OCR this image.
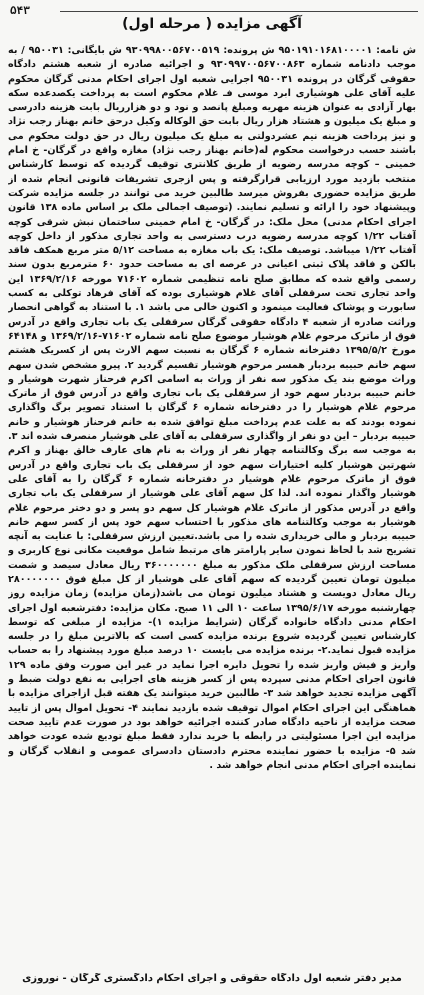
۵۴۳
آگهی مزایده ( مرحله اول)

ش نامه: ۹۵۰۱۹۱۰۱۶۸۱۰۰۰۰۱ ش پرونده: ۹۳۰۹۹۸۰۰۵۶۷۰۰۵۱۹ ش بایگانی: ۹۵۰۰۳۱ / به موجب دادنامه شماره ۹۳۰۹۹۷۰۰۵۶۷۰۰۸۶۳ و اجرائیه صادره از شعبه هشتم دادگاه حقوقی گرگان در پرونده ۹۵۰۰۳۱ اجرایی شعبه اول اجرای احکام مدنی گرگان محکوم علیه آقای علی هوشیاری ابرد موسی فـ غلام محکوم است به پرداخت یکصدعده سکه بهار آزادی به عنوان هزینه مهریه ومبلغ پانصد و نود و دو هزارریال بابت هزینه دادرسی و مبلغ یک میلیون و هشتاد هزار ریال بابت حق الوکاله وکیل درحق خانم بهناز رجب نژاد و نیز پرداخت هزینه نیم عشردولتی به مبلغ یک میلیون ریال در حق دولت محکوم می باشند حسب درخواست محکوم له(خانم بهناز رجب نژاد) مغازه واقع در گرگان- خ امام خمینی – کوچه مدرسه رضویه از طریق کلانتری توقیف گردیده که توسط کارشناس منتخب بازدید مورد ارزیابی قرارگرفته و پس ازجری تشریفات قانونی انجام شده از طریق مزایده حضوری بفروش میرسد طالبین خرید می توانند در جلسه مزایده شرکت وپیشنهاد خود را ارائه و تسلیم نمایند. (توصیف اجمالی ملک بر اساس ماده ۱۳۸ قانون اجرای احکام مدنی) محل ملک: در گرگان- خ امام خمینی ساختمان نبش شرقی کوچه آفتاب ۱/۲۲ کوچه مدرسه رضویه درب دسترسی به واحد تجاری مذکور از داخل کوچه آفتاب ۱/۲۲ میباشد. توصیف ملک: یک باب مغازه به مساحت ۵/۱۲ متر مربع همکف فاقد بالکن و فاقد پلاک ثبتی اعیانی در عرصه ای به مساحت حدود ۶۰ مترمربع بدون سند رسمی واقع شده که مطابق صلح نامه تنظیمی شماره ۷۱۶۰۲ مورخه ۱۳۶۹/۲/۱۶ این واحد تجاری تحت سرقفلی آقای غلام هوشیاری بوده که آقای فرهاد توکلی به کسب سابورت و پوشاک فعالیت مینمود و اکنون خالی می باشد ۱. با استناد به گواهی انحصار وراثت صادره از شعبه ۴ دادگاه حقوقی گرگان سرقفلی یک باب تجاری واقع در آدرس فوق از ماترک مرحوم غلام هوشیار موضوع صلح نامه شماره ۷۱۶۰۲-۱۳۶۹/۲/۱۶ و ۶۴۱۴۸ مورخ ۱۳۹۵/۵/۲ دفترخانه شماره ۶ گرگان به نسبت سهم الارث پس از کسریک هشتم سهم خانم حبیبه بردبار همسر مرحوم هوشیار تقسیم گردید ۲. پیرو مشخص شدن سهم وراث موضع بند یک مذکور سه نفر از وراث به اسامی اکرم فرحناز شهرت هوشیار و خانم حبیبه بردبار سهم خود از سرقفلی یک باب تجاری واقع در آدرس فوق از ماترک مرحوم غلام هوشیار را در دفترخانه شماره ۶ گرگان با استناد تصویر برگ واگذاری نموده بودند که به علت عدم پرداخت مبلغ توافق شده به خانم فرحناز هوشیار و خانم حبیبه بردبار – این دو نفر از واگذاری سرقفلی به آقای علی هوشیار منصرف شده اند ۳. به موجب سه برگ وکالتنامه چهار نفر از وراث به نام های عارف خالق بهناز و اکرم شهرتین هوشیار کلیه اختیارات سهم خود از سرقفلی یک باب تجاری واقع در آدرس فوق از ماترک مرحوم غلام هوشیار در دفترخانه شماره ۶ گرگان را به آقای علی هوشیار واگذار نموده اند. لذا کل سهم آقای علی هوشیار از سرقفلی یک باب تجاری واقع در آدرس مذکور از ماترک غلام هوشیار کل سهم دو پسر و دو دختر مرحوم غلام هوشیار به موجب وکالتنامه های مذکور با احتساب سهم خود پس از کسر سهم خانم حبیبه بردبار و مالی خریداری شده را می باشد.تعیین ارزش سرقفلی: با عنایت به آنچه تشریح شد با لحاظ نمودن سایر پارامتر های مرتبط شامل موقعیت مکانی نوع کاربری و مساحت ارزش سرقفلی ملک مذکور به مبلغ ۳۶۰۰۰۰۰۰۰ ریال معادل سیصد و شصت میلیون تومان تعیین گردیده که سهم آقای علی هوشیار از کل مبلغ فوق ۲۸۰۰۰۰۰۰۰ ریال معادل دویست و هشتاد میلیون تومان می باشد(زمان مزایده) زمان مزایده روز چهارشنبه مورخه ۱۳۹۵/۶/۱۷ ساعت ۱۰ الی ۱۱ صبح. مکان مزایده: دفترشعبه اول اجرای احکام مدنی دادگاه خانواده گرگان (شرایط مزایده ۱)- مزایده از مبلغی که توسط کارشناس تعیین گردیده شروع برنده مزایده کسی است که بالاترین مبلغ را در جلسه مزایده قبول نماید.۲- برنده مزایده می بایست ۱۰ درصد مبلغ مورد پیشنهاد را به حساب واریز و فیش واریز شده را تحویل دایره اجرا نماید در غیر این صورت وفق ماده ۱۲۹ قانون اجرای احکام مدنی سپرده پس از کسر هزینه های اجرایی به نفع دولت ضبط و آگهی مزایده تجدید خواهد شد ۳- طالبین خرید میتوانند یک هفته قبل ازاجرای مزایده با هماهنگی این اجرای احکام اموال توقیف شده بازدید نمایند ۴- تحویل اموال پس از تایید صحت مزایده از ناحیه دادگاه صادر کننده اجرائیه خواهد بود در صورت عدم تایید صحت مزایده این اجرا مسئولیتی در رابطه با خرید ندارد فقط مبلغ تودیع شده عودت خواهد شد ۵- مزایده با حضور نماینده محترم دادستان دادسرای عمومی و انقلاب گرگان و نماینده اجرای احکام مدنی انجام خواهد شد .

مدیر دفتر شعبه اول دادگاه حقوقی و اجرای احکام دادگستری گرگان - نوروزی
